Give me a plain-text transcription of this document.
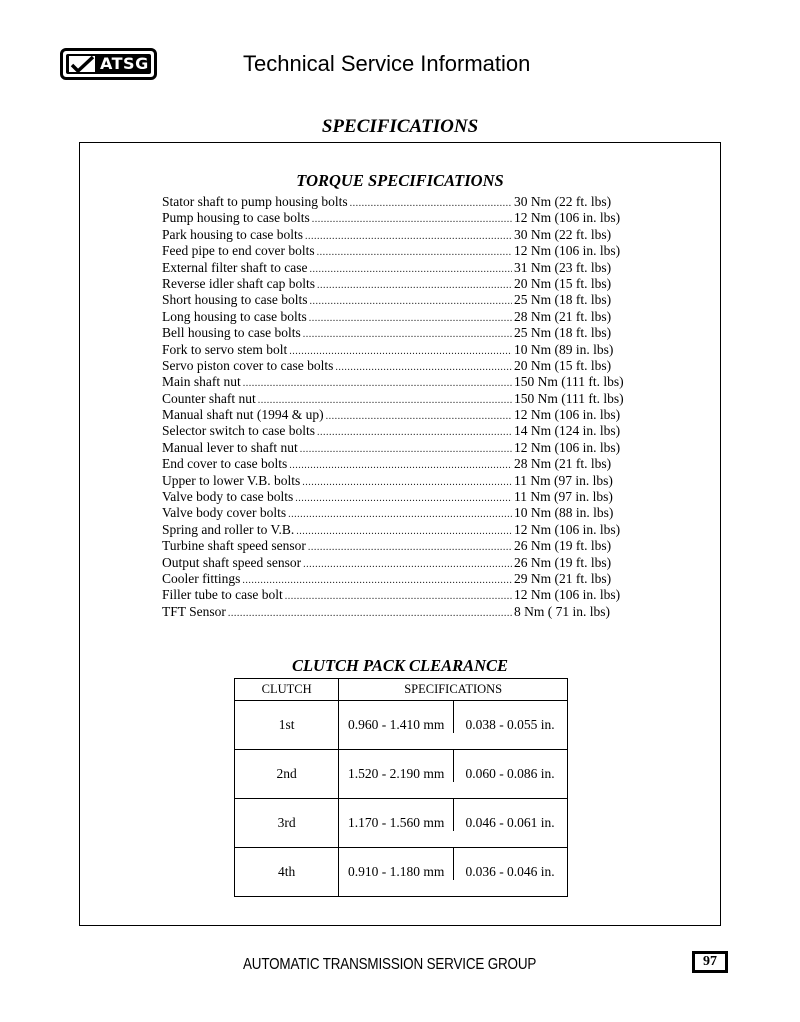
ATSG	Technical Service Information
SPECIFICATIONS
TORQUE SPECIFICATIONS
Stator shaft to pump housing bolts .....	30 Nm (22 ft. lbs)
Pump housing to case bolts .....	12 Nm (106 in. lbs)
Park housing to case bolts .....	30 Nm (22 ft. lbs)
Feed pipe to end cover bolts .....	12 Nm (106 in. lbs)
External filter shaft to case .....	31 Nm (23 ft. lbs)
Reverse idler shaft cap bolts .....	20 Nm (15 ft. lbs)
Short housing to case bolts .....	25 Nm (18 ft. lbs)
Long housing to case bolts .....	28 Nm (21 ft. lbs)
Bell housing to case bolts .....	25 Nm (18 ft. lbs)
Fork to servo stem bolt .....	10 Nm (89 in. lbs)
Servo piston cover to case bolts .....	20 Nm (15 ft. lbs)
Main shaft nut .....	150 Nm (111 ft. lbs)
Counter shaft nut .....	150 Nm (111 ft. lbs)
Manual shaft nut (1994 & up) .....	12 Nm (106 in. lbs)
Selector switch to case bolts .....	14 Nm (124 in. lbs)
Manual lever to shaft nut .....	12 Nm (106 in. lbs)
End cover to case bolts .....	28 Nm (21 ft. lbs)
Upper to lower V.B. bolts .....	11 Nm (97 in. lbs)
Valve body to case bolts .....	11 Nm (97 in. lbs)
Valve body cover bolts .....	10 Nm (88 in. lbs)
Spring and roller to V.B. .....	12 Nm (106 in. lbs)
Turbine shaft speed sensor .....	26 Nm (19 ft. lbs)
Output shaft speed sensor .....	26 Nm (19 ft. lbs)
Cooler fittings .....	29 Nm (21 ft. lbs)
Filler tube to case bolt .....	12 Nm (106 in. lbs)
TFT Sensor .....	8 Nm ( 71 in. lbs)
CLUTCH PACK CLEARANCE
CLUTCH	SPECIFICATIONS	
1st	0.960 - 1.410 mm	0.038 - 0.055 in.
2nd	1.520 - 2.190 mm	0.060 - 0.086 in.
3rd	1.170 - 1.560 mm	0.046 - 0.061 in.
4th	0.910 - 1.180 mm	0.036 - 0.046 in.
AUTOMATIC TRANSMISSION SERVICE GROUP	97
